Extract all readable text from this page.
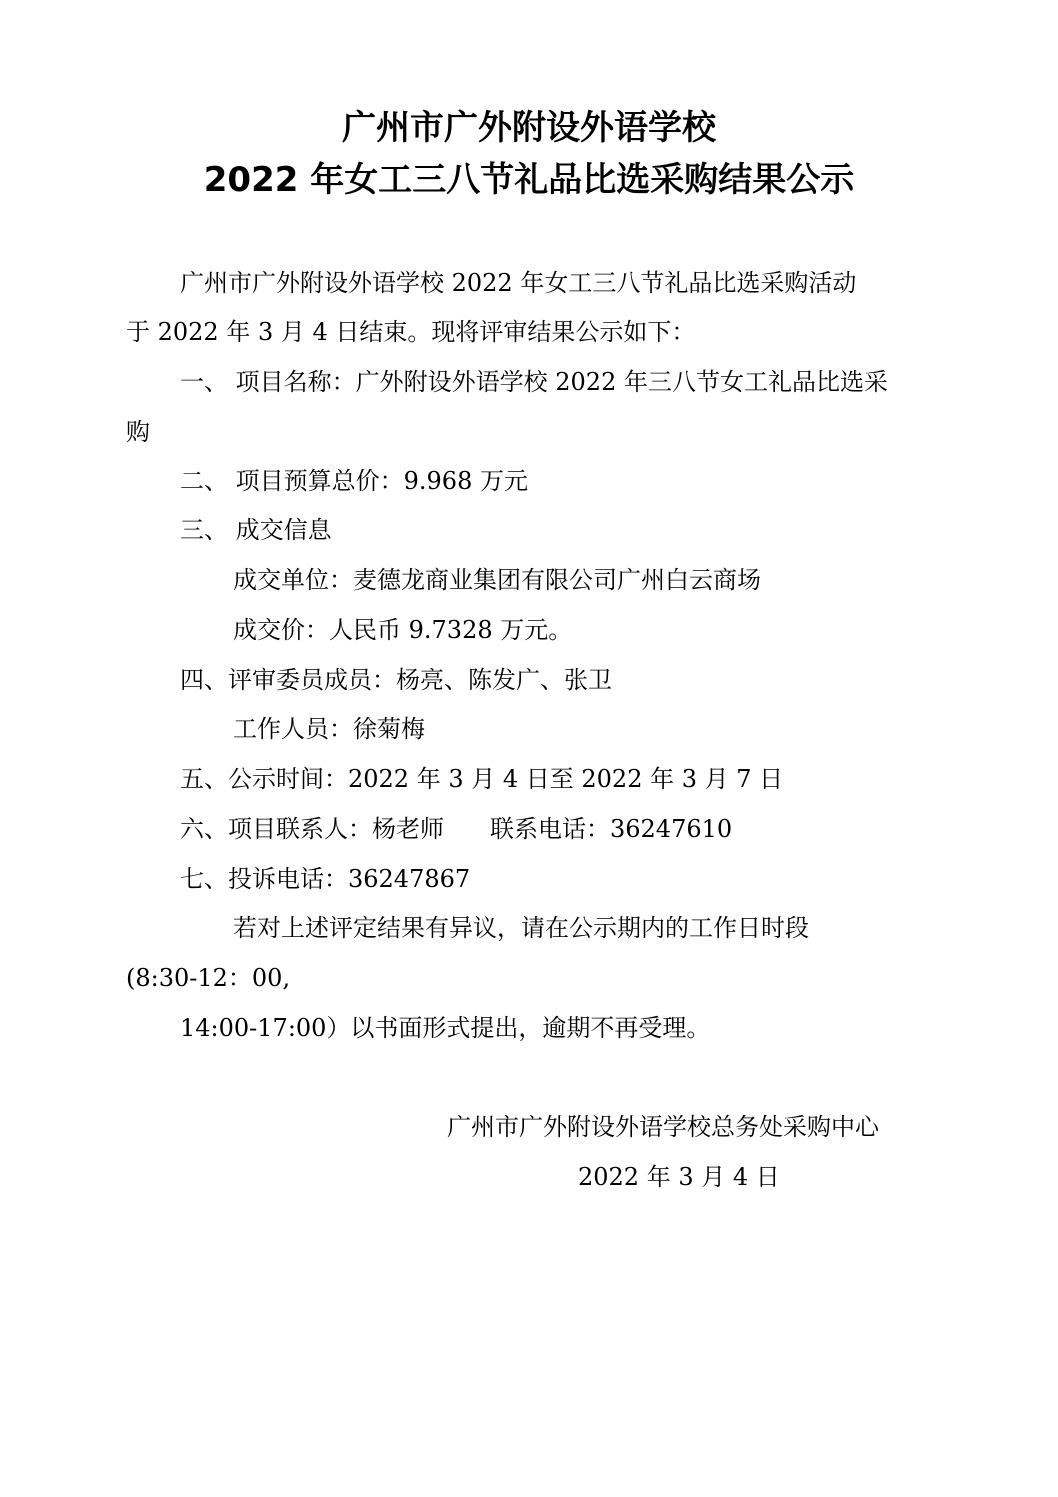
广州市广外附设外语学校
2022 年女工三八节礼品比选采购结果公示
广州市广外附设外语学校 2022 年女工三八节礼品比选采购活动
于 2022 年 3 月 4 日结束。现将评审结果公示如下：
一、 项目名称：广外附设外语学校 2022 年三八节女工礼品比选采
购
二、 项目预算总价：9.968 万元
三、 成交信息
成交单位：麦德龙商业集团有限公司广州白云商场
成交价：人民币 9.7328 万元。
四、评审委员成员：杨亮、陈发广、张卫
工作人员：徐菊梅
五、公示时间：2022 年 3 月 4 日至 2022 年 3 月 7 日
六、项目联系人：杨老师 联系电话：36247610
七、投诉电话：36247867
若对上述评定结果有异议，请在公示期内的工作日时段
(8:30-12：00,
14:00-17:00）以书面形式提出，逾期不再受理。
广州市广外附设外语学校总务处采购中心
2022 年 3 月 4 日
